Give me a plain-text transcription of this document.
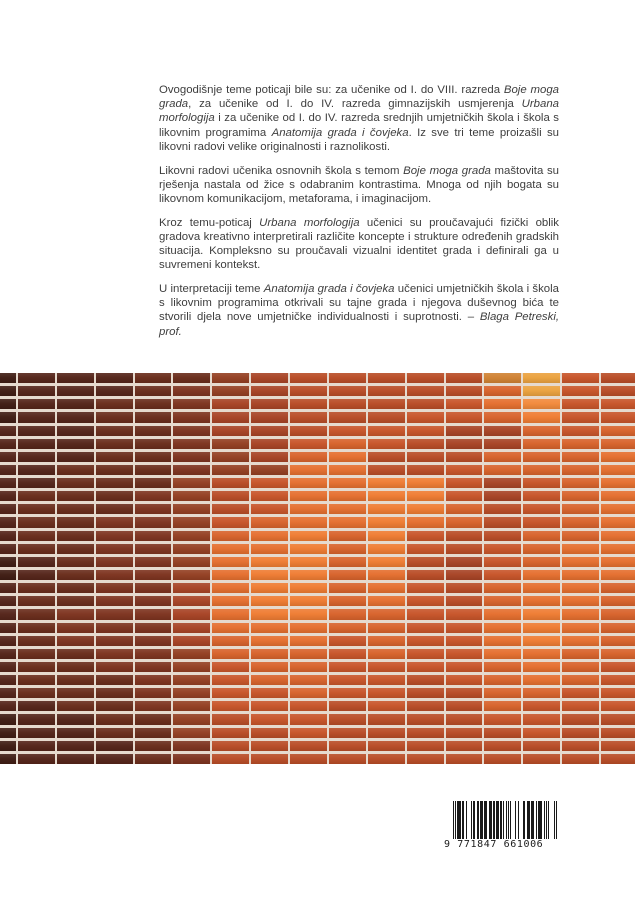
Ovogodišnje teme poticaji bile su: za učenike od I. do VIII. razreda Boje moga grada, za učenike od I. do IV. razreda gimnazijskih usmjerenja Urbana morfologija i za učenike od I. do IV. razreda srednjih umjetničkih škola i škola s likovnim programima Anatomija grada i čovjeka. Iz sve tri teme proizašli su likovni radovi velike originalnosti i raznolikosti.

Likovni radovi učenika osnovnih škola s temom Boje moga grada maštovita su rješenja nastala od žice s odabranim kontrastima. Mnoga od njih bogata su likovnom komunikacijom, metaforama, i imaginacijom.

Kroz temu-poticaj Urbana morfologija učenici su proučavajući fizički oblik gradova kreativno interpretirali različite koncepte i strukture određenih gradskih situacija. Kompleksno su proučavali vizualni identitet grada i definirali ga u suvremeni kontekst.

U interpretaciji teme Anatomija grada i čovjeka učenici umjetničkih škola i škola s likovnim programima otkrivali su tajne grada i njegova duševnog bića te stvorili djela nove umjetničke individualnosti i suprotnosti. – Blaga Petreski, prof.

9 771847 661006
